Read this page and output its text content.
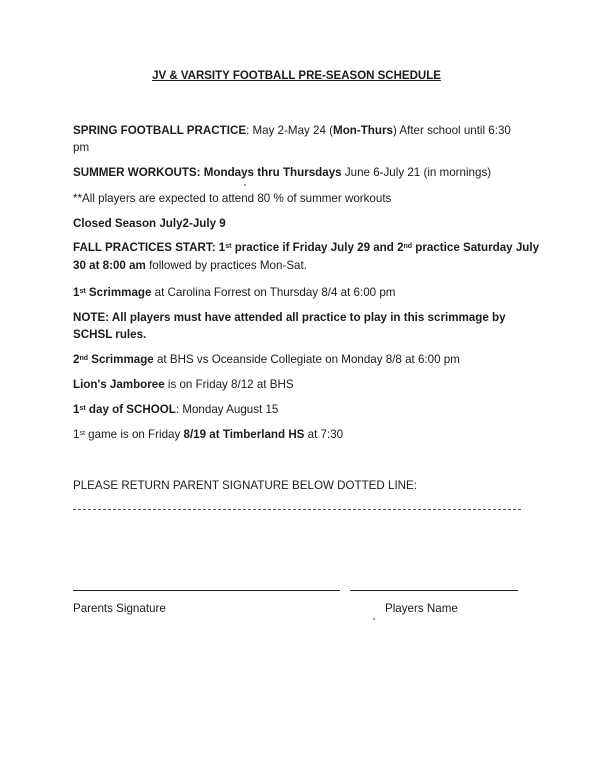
JV & VARSITY FOOTBALL PRE-SEASON SCHEDULE
SPRING FOOTBALL PRACTICE: May 2-May 24 (Mon-Thurs) After school until 6:30
pm
SUMMER WORKOUTS: Mondays thru Thursdays June 6-July 21 (in mornings)
**All players are expected to attend 80 % of summer workouts
Closed Season July2-July 9
FALL PRACTICES START: 1st practice if Friday July 29 and 2nd practice Saturday July
30 at 8:00 am followed by practices Mon-Sat.
1st Scrimmage at Carolina Forrest on Thursday 8/4 at 6:00 pm
NOTE: All players must have attended all practice to play in this scrimmage by
SCHSL rules.
2nd Scrimmage at BHS vs Oceanside Collegiate on Monday 8/8 at 6:00 pm
Lion's Jamboree is on Friday 8/12 at BHS
1st day of SCHOOL: Monday August 15
1st game is on Friday 8/19 at Timberland HS at 7:30
PLEASE RETURN PARENT SIGNATURE BELOW DOTTED LINE:
Parents Signature	Players Name
